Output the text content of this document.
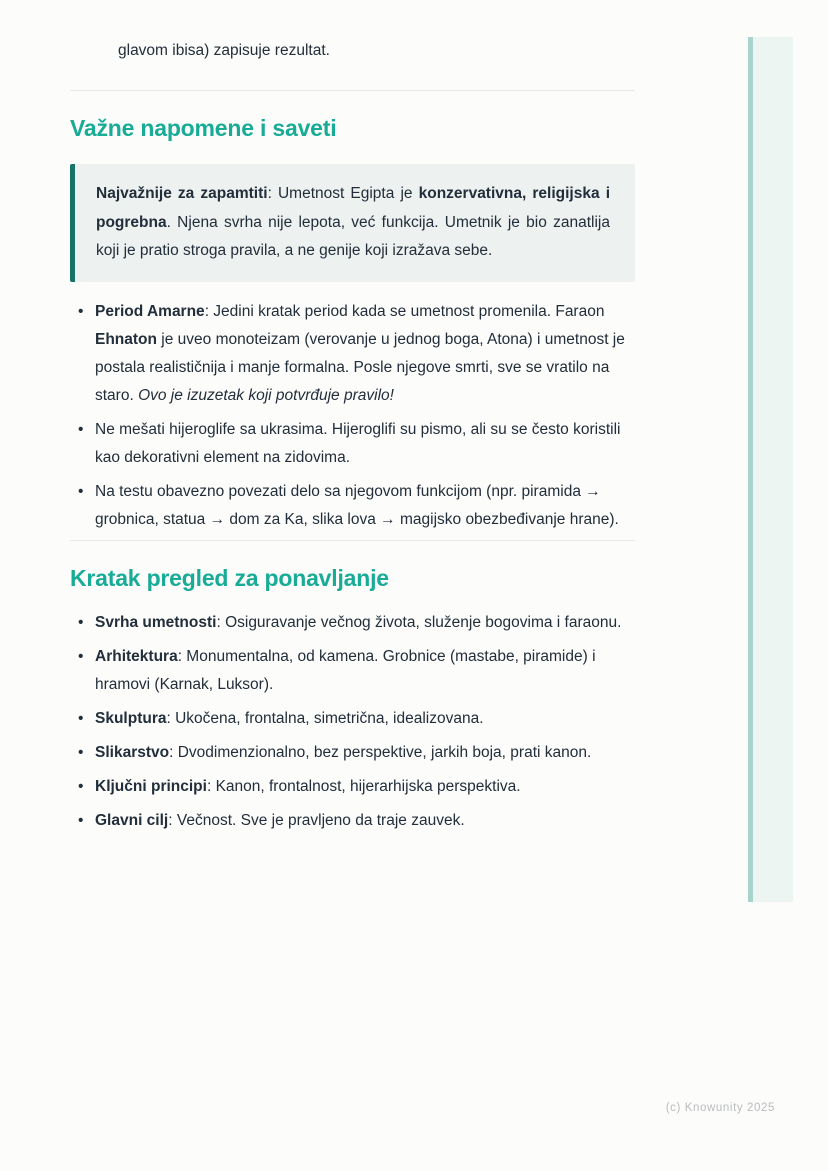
glavom ibisa) zapisuje rezultat.

Važne napomene i saveti

Najvažnije za zapamtiti: Umetnost Egipta je konzervativna, religijska i pogrebna. Njena svrha nije lepota, već funkcija. Umetnik je bio zanatlija koji je pratio stroga pravila, a ne genije koji izražava sebe.

• Period Amarne: Jedini kratak period kada se umetnost promenila. Faraon Ehnaton je uveo monoteizam (verovanje u jednog boga, Atona) i umetnost je postala realističnija i manje formalna. Posle njegove smrti, sve se vratilo na staro. Ovo je izuzetak koji potvrđuje pravilo!
• Ne mešati hijeroglife sa ukrasima. Hijeroglifi su pismo, ali su se često koristili kao dekorativni element na zidovima.
• Na testu obavezno povezati delo sa njegovom funkcijom (npr. piramida → grobnica, statua → dom za Ka, slika lova → magijsko obezbeđivanje hrane).
Kratak pregled za ponavljanje
• Svrha umetnosti: Osiguravanje večnog života, služenje bogovima i faraonu.
• Arhitektura: Monumentalna, od kamena. Grobnice (mastabe, piramide) i hramovi (Karnak, Luksor).
• Skulptura: Ukočena, frontalna, simetrična, idealizovana.
• Slikarstvo: Dvodimenzionalno, bez perspektive, jarkih boja, prati kanon.
• Ključni principi: Kanon, frontalnost, hijerarhijska perspektiva.
• Glavni cilj: Večnost. Sve je pravljeno da traje zauvek.
(c) Knowunity 2025
